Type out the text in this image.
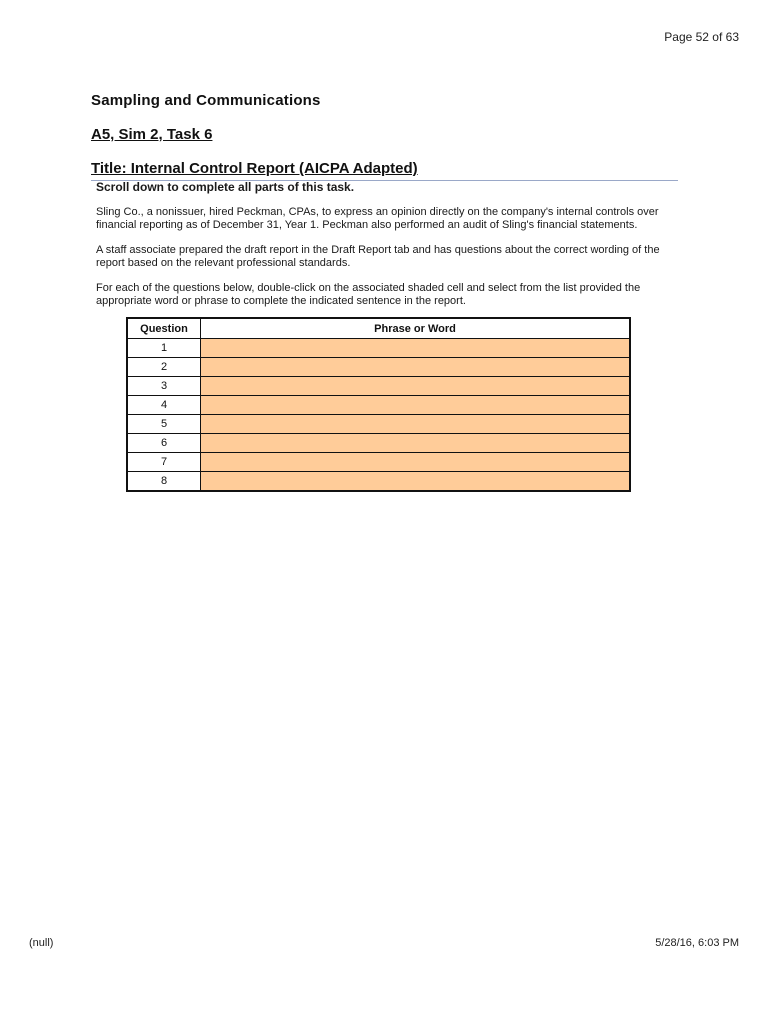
Page 52 of 63
Sampling and Communications
A5, Sim 2, Task 6
Title: Internal Control Report (AICPA Adapted)
Scroll down to complete all parts of this task.

Sling Co., a nonissuer, hired Peckman, CPAs, to express an opinion directly on the company's internal controls over financial reporting as of December 31, Year 1. Peckman also performed an audit of Sling's financial statements.

A staff associate prepared the draft report in the Draft Report tab and has questions about the correct wording of the report based on the relevant professional standards.

For each of the questions below, double-click on the associated shaded cell and select from the list provided the appropriate word or phrase to complete the indicated sentence in the report.

Question	Phrase or Word
1	
2	
3	
4	
5	
6	
7	
8	
(null)	5/28/16, 6:03 PM
